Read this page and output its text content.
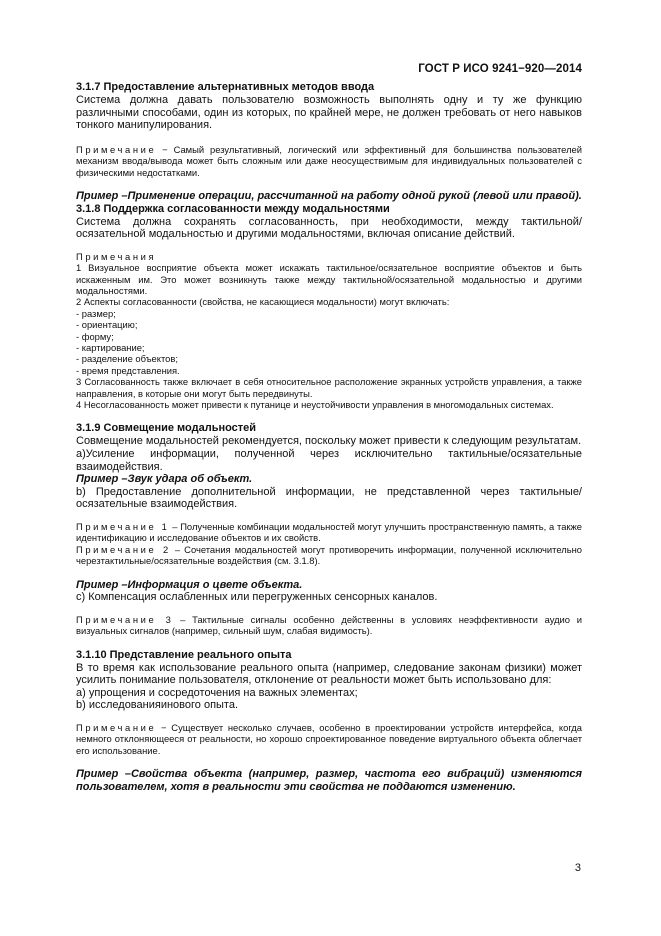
ГОСТ Р ИСО 9241−920—2014

3.1.7 Предоставление альтернативных методов ввода

Система должна давать пользователю возможность выполнять одну и ту же функцию различными способами, один из которых, по крайней мере, не должен требовать от него навыков тонкого манипулирования.

Примечание − Самый результативный, логический или эффективный для большинства пользователей механизм ввода/вывода может быть сложным или даже неосуществимым для индивидуальных пользователей с физическими недостатками.

Пример –Применение операции, рассчитанной на работу одной рукой (левой или правой).

3.1.8 Поддержка согласованности между модальностями

Система должна сохранять согласованность, при необходимости, между тактильной/осязательной модальностью и другими модальностями, включая описание действий.

Примечания

1 Визуальное восприятие объекта может искажать тактильное/осязательное восприятие объектов и быть искаженным им. Это может возникнуть также между тактильной/осязательной модальностью и другими модальностями.

2 Аспекты согласованности (свойства, не касающиеся модальности) могут включать:

- размер;
- ориентацию;
- форму;
- картирование;
- разделение объектов;
- время представления.

3 Согласованность также включает в себя относительное расположение экранных устройств управления, а также направления, в которые они могут быть передвинуты.

4 Несогласованность может привести к путанице и неустойчивости управления в многомодальных системах.

3.1.9 Совмещение модальностей

Совмещение модальностей рекомендуется, поскольку может привести к следующим результатам.

а)Усиление информации, полученной через исключительно тактильные/осязательные взаимодействия.

Пример –Звук удара об объект.

b) Предоставление дополнительной информации, не представленной через тактильные/осязательные взаимодействия.

Примечание 1 – Полученные комбинации модальностей могут улучшить пространственную память, а также идентификацию и исследование объектов и их свойств.

Примечание 2 – Сочетания модальностей могут противоречить информации, полученной исключительно черезтактильные/осязательные воздействия (см. 3.1.8).

Пример –Информация о цвете объекта.

с) Компенсация ослабленных или перегруженных сенсорных каналов.

Примечание 3 – Тактильные сигналы особенно действенны в условиях неэффективности аудио и визуальных сигналов (например, сильный шум, слабая видимость).

3.1.10 Представление реального опыта

В то время как использование реального опыта (например, следование законам физики) может усилить понимание пользователя, отклонение от реальности может быть использовано для:

a) упрощения и сосредоточения на важных элементах;

b) исследованияинового опыта.

Примечание − Существует несколько случаев, особенно в проектировании устройств интерфейса, когда немного отклоняющееся от реальности, но хорошо спроектированное поведение виртуального объекта облегчает его использование.

Пример –Свойства объекта (например, размер, частота его вибраций) изменяются пользователем, хотя в реальности эти свойства не поддаются изменению.

3
